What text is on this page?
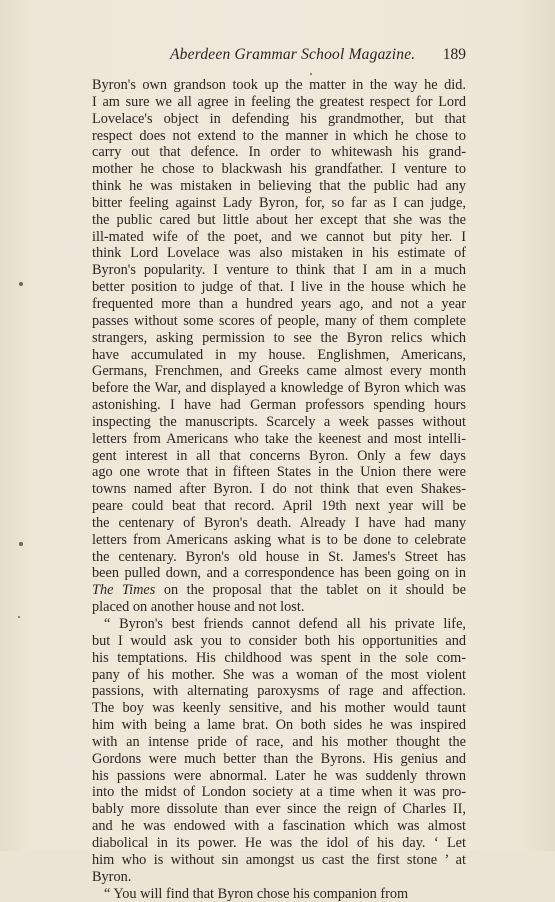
Aberdeen Grammar School Magazine. 189
Byron's own grandson took up the matter in the way he did.
I am sure we all agree in feeling the greatest respect for Lord
Lovelace's object in defending his grandmother, but that
respect does not extend to the manner in which he chose to
carry out that defence. In order to whitewash his grand-
mother he chose to blackwash his grandfather. I venture to
think he was mistaken in believing that the public had any
bitter feeling against Lady Byron, for, so far as I can judge,
the public cared but little about her except that she was the
ill-mated wife of the poet, and we cannot but pity her. I
think Lord Lovelace was also mistaken in his estimate of
Byron's popularity. I venture to think that I am in a much
better position to judge of that. I live in the house which he
frequented more than a hundred years ago, and not a year
passes without some scores of people, many of them complete
strangers, asking permission to see the Byron relics which
have accumulated in my house. Englishmen, Americans,
Germans, Frenchmen, and Greeks came almost every month
before the War, and displayed a knowledge of Byron which was
astonishing. I have had German professors spending hours
inspecting the manuscripts. Scarcely a week passes without
letters from Americans who take the keenest and most intelli-
gent interest in all that concerns Byron. Only a few days
ago one wrote that in fifteen States in the Union there were
towns named after Byron. I do not think that even Shakes-
peare could beat that record. April 19th next year will be
the centenary of Byron's death. Already I have had many
letters from Americans asking what is to be done to celebrate
the centenary. Byron's old house in St. James's Street has
been pulled down, and a correspondence has been going on in
The Times on the proposal that the tablet on it should be
placed on another house and not lost.
“ Byron's best friends cannot defend all his private life,
but I would ask you to consider both his opportunities and
his temptations. His childhood was spent in the sole com-
pany of his mother. She was a woman of the most violent
passions, with alternating paroxysms of rage and affection.
The boy was keenly sensitive, and his mother would taunt
him with being a lame brat. On both sides he was inspired
with an intense pride of race, and his mother thought the
Gordons were much better than the Byrons. His genius and
his passions were abnormal. Later he was suddenly thrown
into the midst of London society at a time when it was pro-
bably more dissolute than ever since the reign of Charles II,
and he was endowed with a fascination which was almost
diabolical in its power. He was the idol of his day. ‘ Let
him who is without sin amongst us cast the first stone ’ at
Byron.
“ You will find that Byron chose his companion from
